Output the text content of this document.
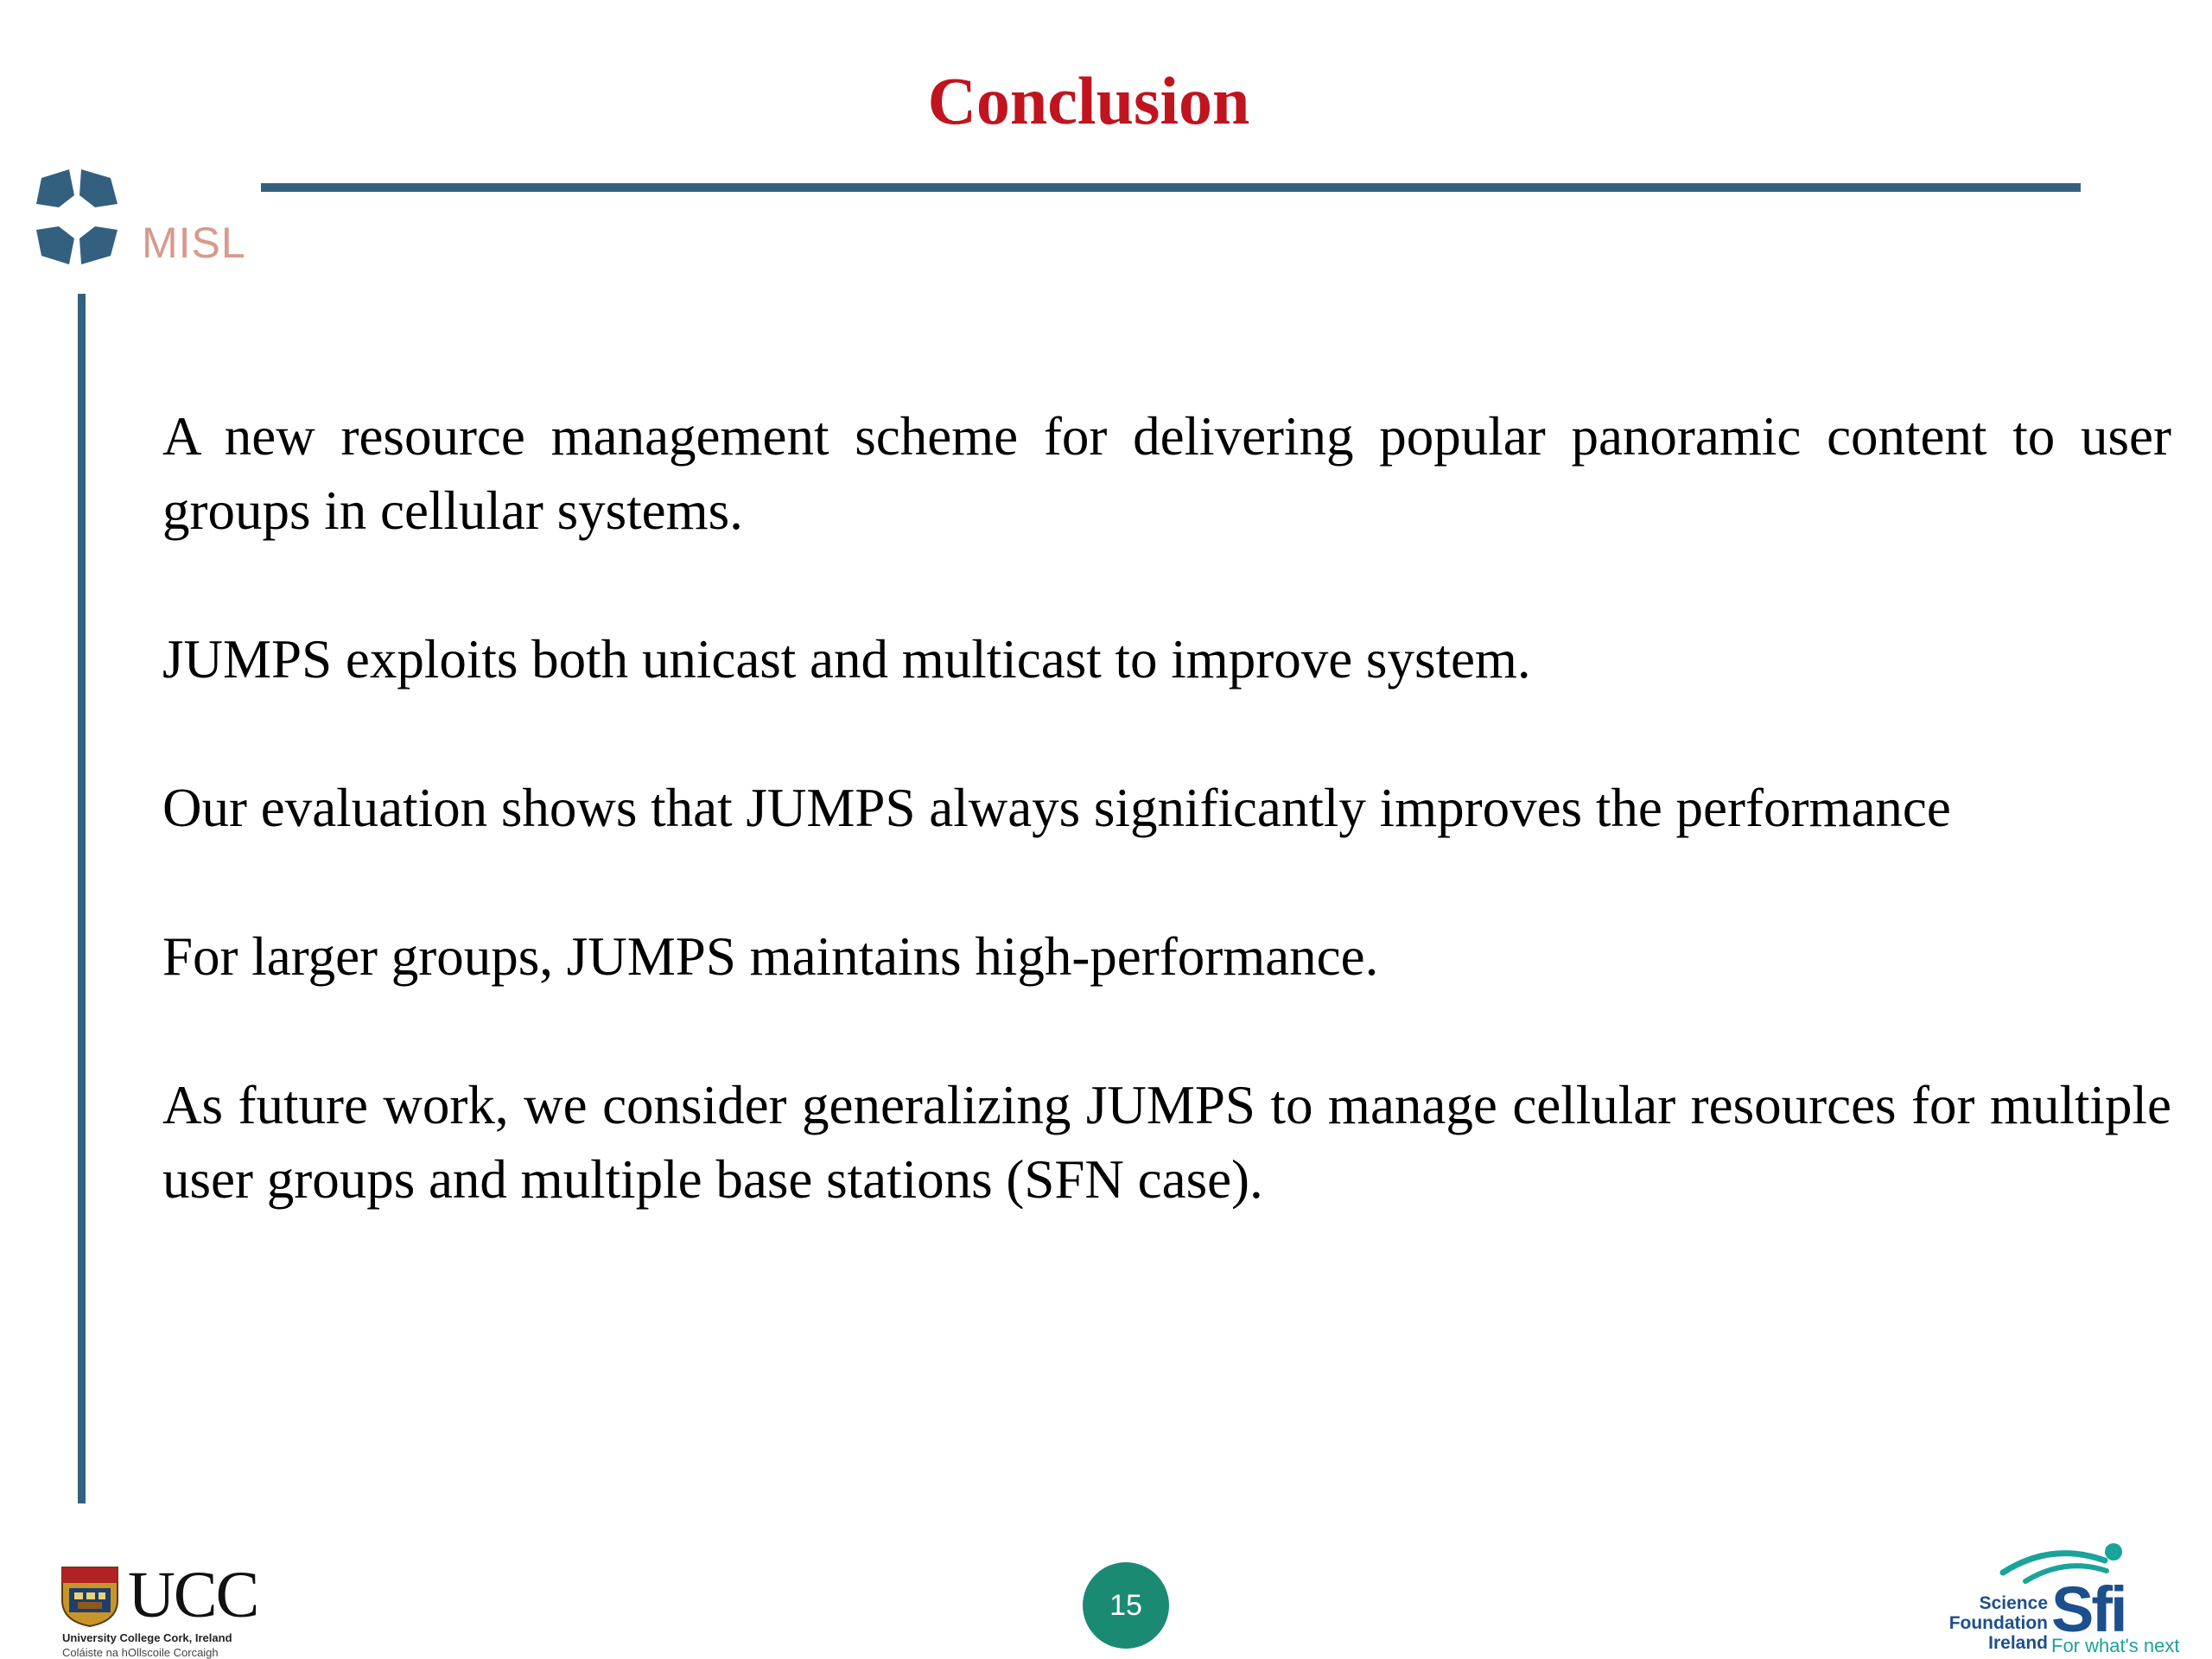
Conclusion
MISL

A new resource management scheme for delivering popular panoramic content to user groups in cellular systems.

JUMPS exploits both unicast and multicast to improve system.

Our evaluation shows that JUMPS always significantly improves the performance

For larger groups, JUMPS maintains high-performance.

As future work, we consider generalizing JUMPS to manage cellular resources for multiple user groups and multiple base stations (SFN case).

UCC
University College Cork, Ireland
Coláiste na hOllscoile Corcaigh
15	Science
Foundation
Ireland Sfi
For what's next
